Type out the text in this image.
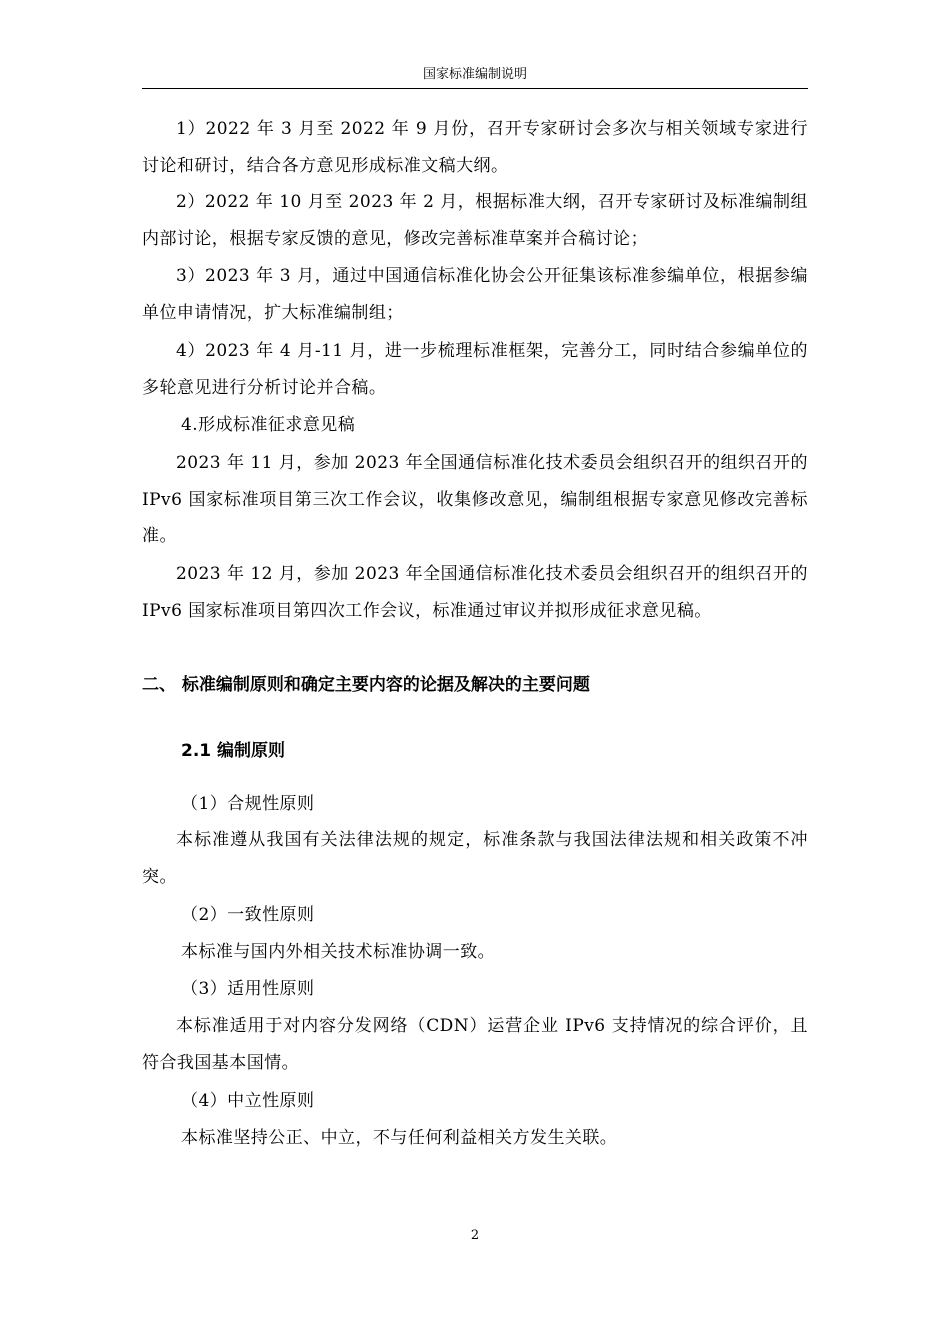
国家标准编制说明

1）2022 年 3 月至 2022 年 9 月份，召开专家研讨会多次与相关领域专家进行讨论和研讨，结合各方意见形成标准文稿大纲。

2）2022 年 10 月至 2023 年 2 月，根据标准大纲，召开专家研讨及标准编制组内部讨论，根据专家反馈的意见，修改完善标准草案并合稿讨论；

3）2023 年 3 月，通过中国通信标准化协会公开征集该标准参编单位，根据参编单位申请情况，扩大标准编制组；

4）2023 年 4 月-11 月，进一步梳理标准框架，完善分工，同时结合参编单位的多轮意见进行分析讨论并合稿。

4.形成标准征求意见稿

2023 年 11 月，参加 2023 年全国通信标准化技术委员会组织召开的组织召开的 IPv6 国家标准项目第三次工作会议，收集修改意见，编制组根据专家意见修改完善标准。

2023 年 12 月，参加 2023 年全国通信标准化技术委员会组织召开的组织召开的 IPv6 国家标准项目第四次工作会议，标准通过审议并拟形成征求意见稿。

二、 标准编制原则和确定主要内容的论据及解决的主要问题
2.1 编制原则

（1）合规性原则

本标准遵从我国有关法律法规的规定，标准条款与我国法律法规和相关政策不冲突。

（2）一致性原则

本标准与国内外相关技术标准协调一致。

（3）适用性原则

本标准适用于对内容分发网络（CDN）运营企业 IPv6 支持情况的综合评价，且符合我国基本国情。

（4）中立性原则

本标准坚持公正、中立，不与任何利益相关方发生关联。

2
